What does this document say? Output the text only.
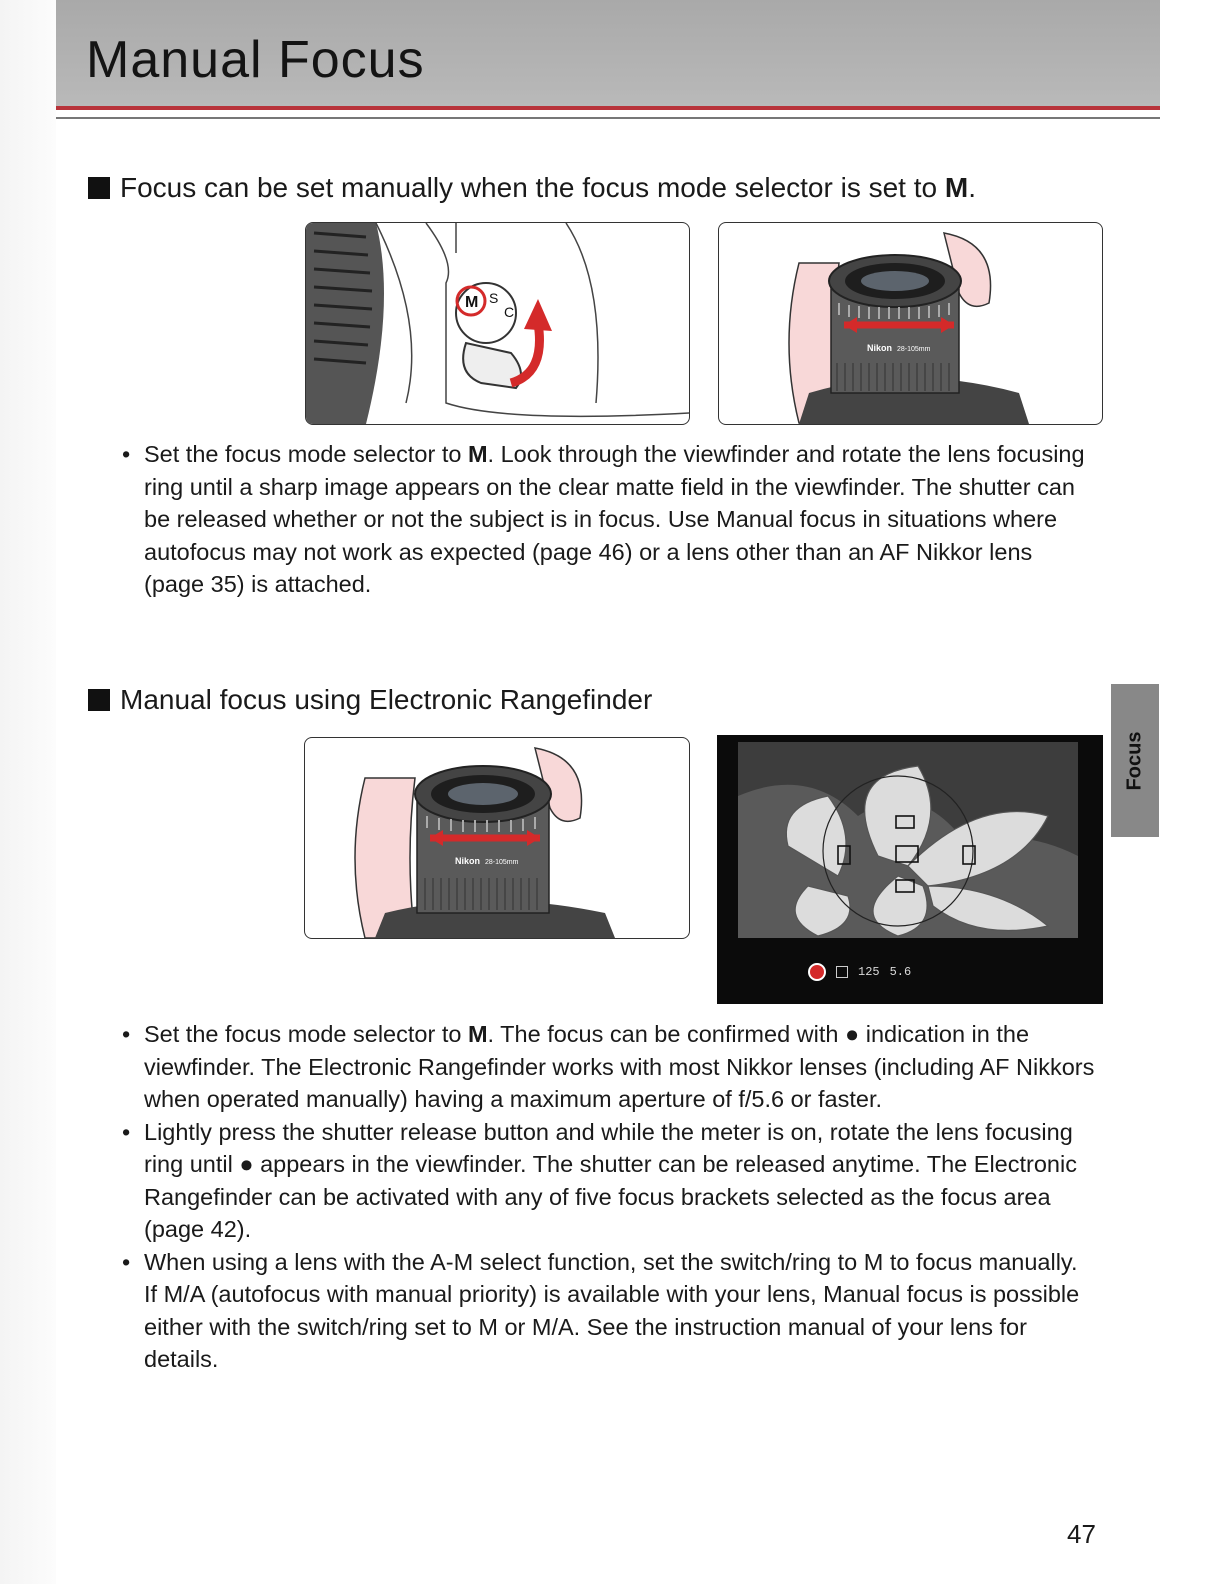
Manual Focus
Focus can be set manually when the focus mode selector is set to M.
M S
C
Nikon 28-105mm
• Set the focus mode selector to M. Look through the viewfinder and rotate the lens focusing ring until a sharp image appears on the clear matte field in the viewfinder. The shutter can be released whether or not the subject is in focus. Use Manual focus in situations where autofocus may not work as expected (page 46) or a lens other than an AF Nikkor lens (page 35) is attached.
Manual focus using Electronic Rangefinder
Nikon 28-105mm
125 5.6
• Set the focus mode selector to M. The focus can be confirmed with ● indication in the viewfinder. The Electronic Rangefinder works with most Nikkor lenses (including AF Nikkors when operated manually) having a maximum aperture of f/5.6 or faster.
• Lightly press the shutter release button and while the meter is on, rotate the lens focusing ring until ● appears in the viewfinder. The shutter can be released anytime. The Electronic Rangefinder can be activated with any of five focus brackets selected as the focus area (page 42).
• When using a lens with the A-M select function, set the switch/ring to M to focus manually. If M/A (autofocus with manual priority) is available with your lens, Manual focus is possible either with the switch/ring set to M or M/A. See the instruction manual of your lens for details.
Focus
47
